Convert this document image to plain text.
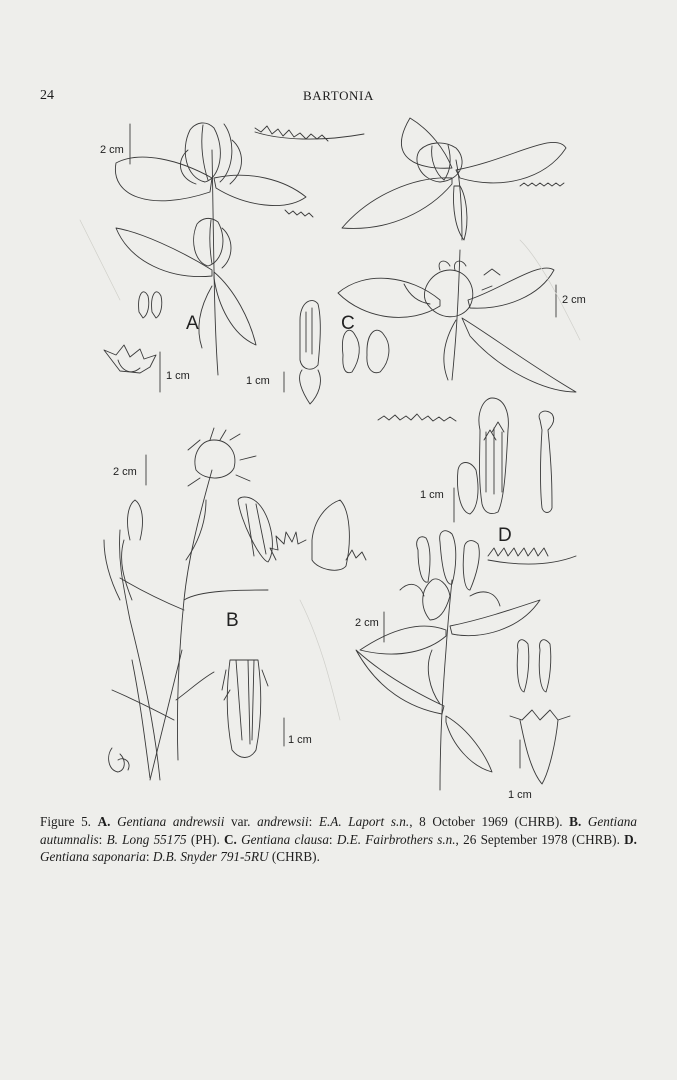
24	BARTONIA
A
B
C
D
2 cm
1 cm	1 cm
2 cm
1 cm
2 cm
1 cm
2 cm
1 cm

Figure 5. A. Gentiana andrewsii var. andrewsii: E.A. Laport s.n., 8 October 1969 (CHRB). B. Gentiana autumnalis: B. Long 55175 (PH). C. Gentiana clausa: D.E. Fairbrothers s.n., 26 September 1978 (CHRB). D. Gentiana saponaria: D.B. Snyder 791-5RU (CHRB).
